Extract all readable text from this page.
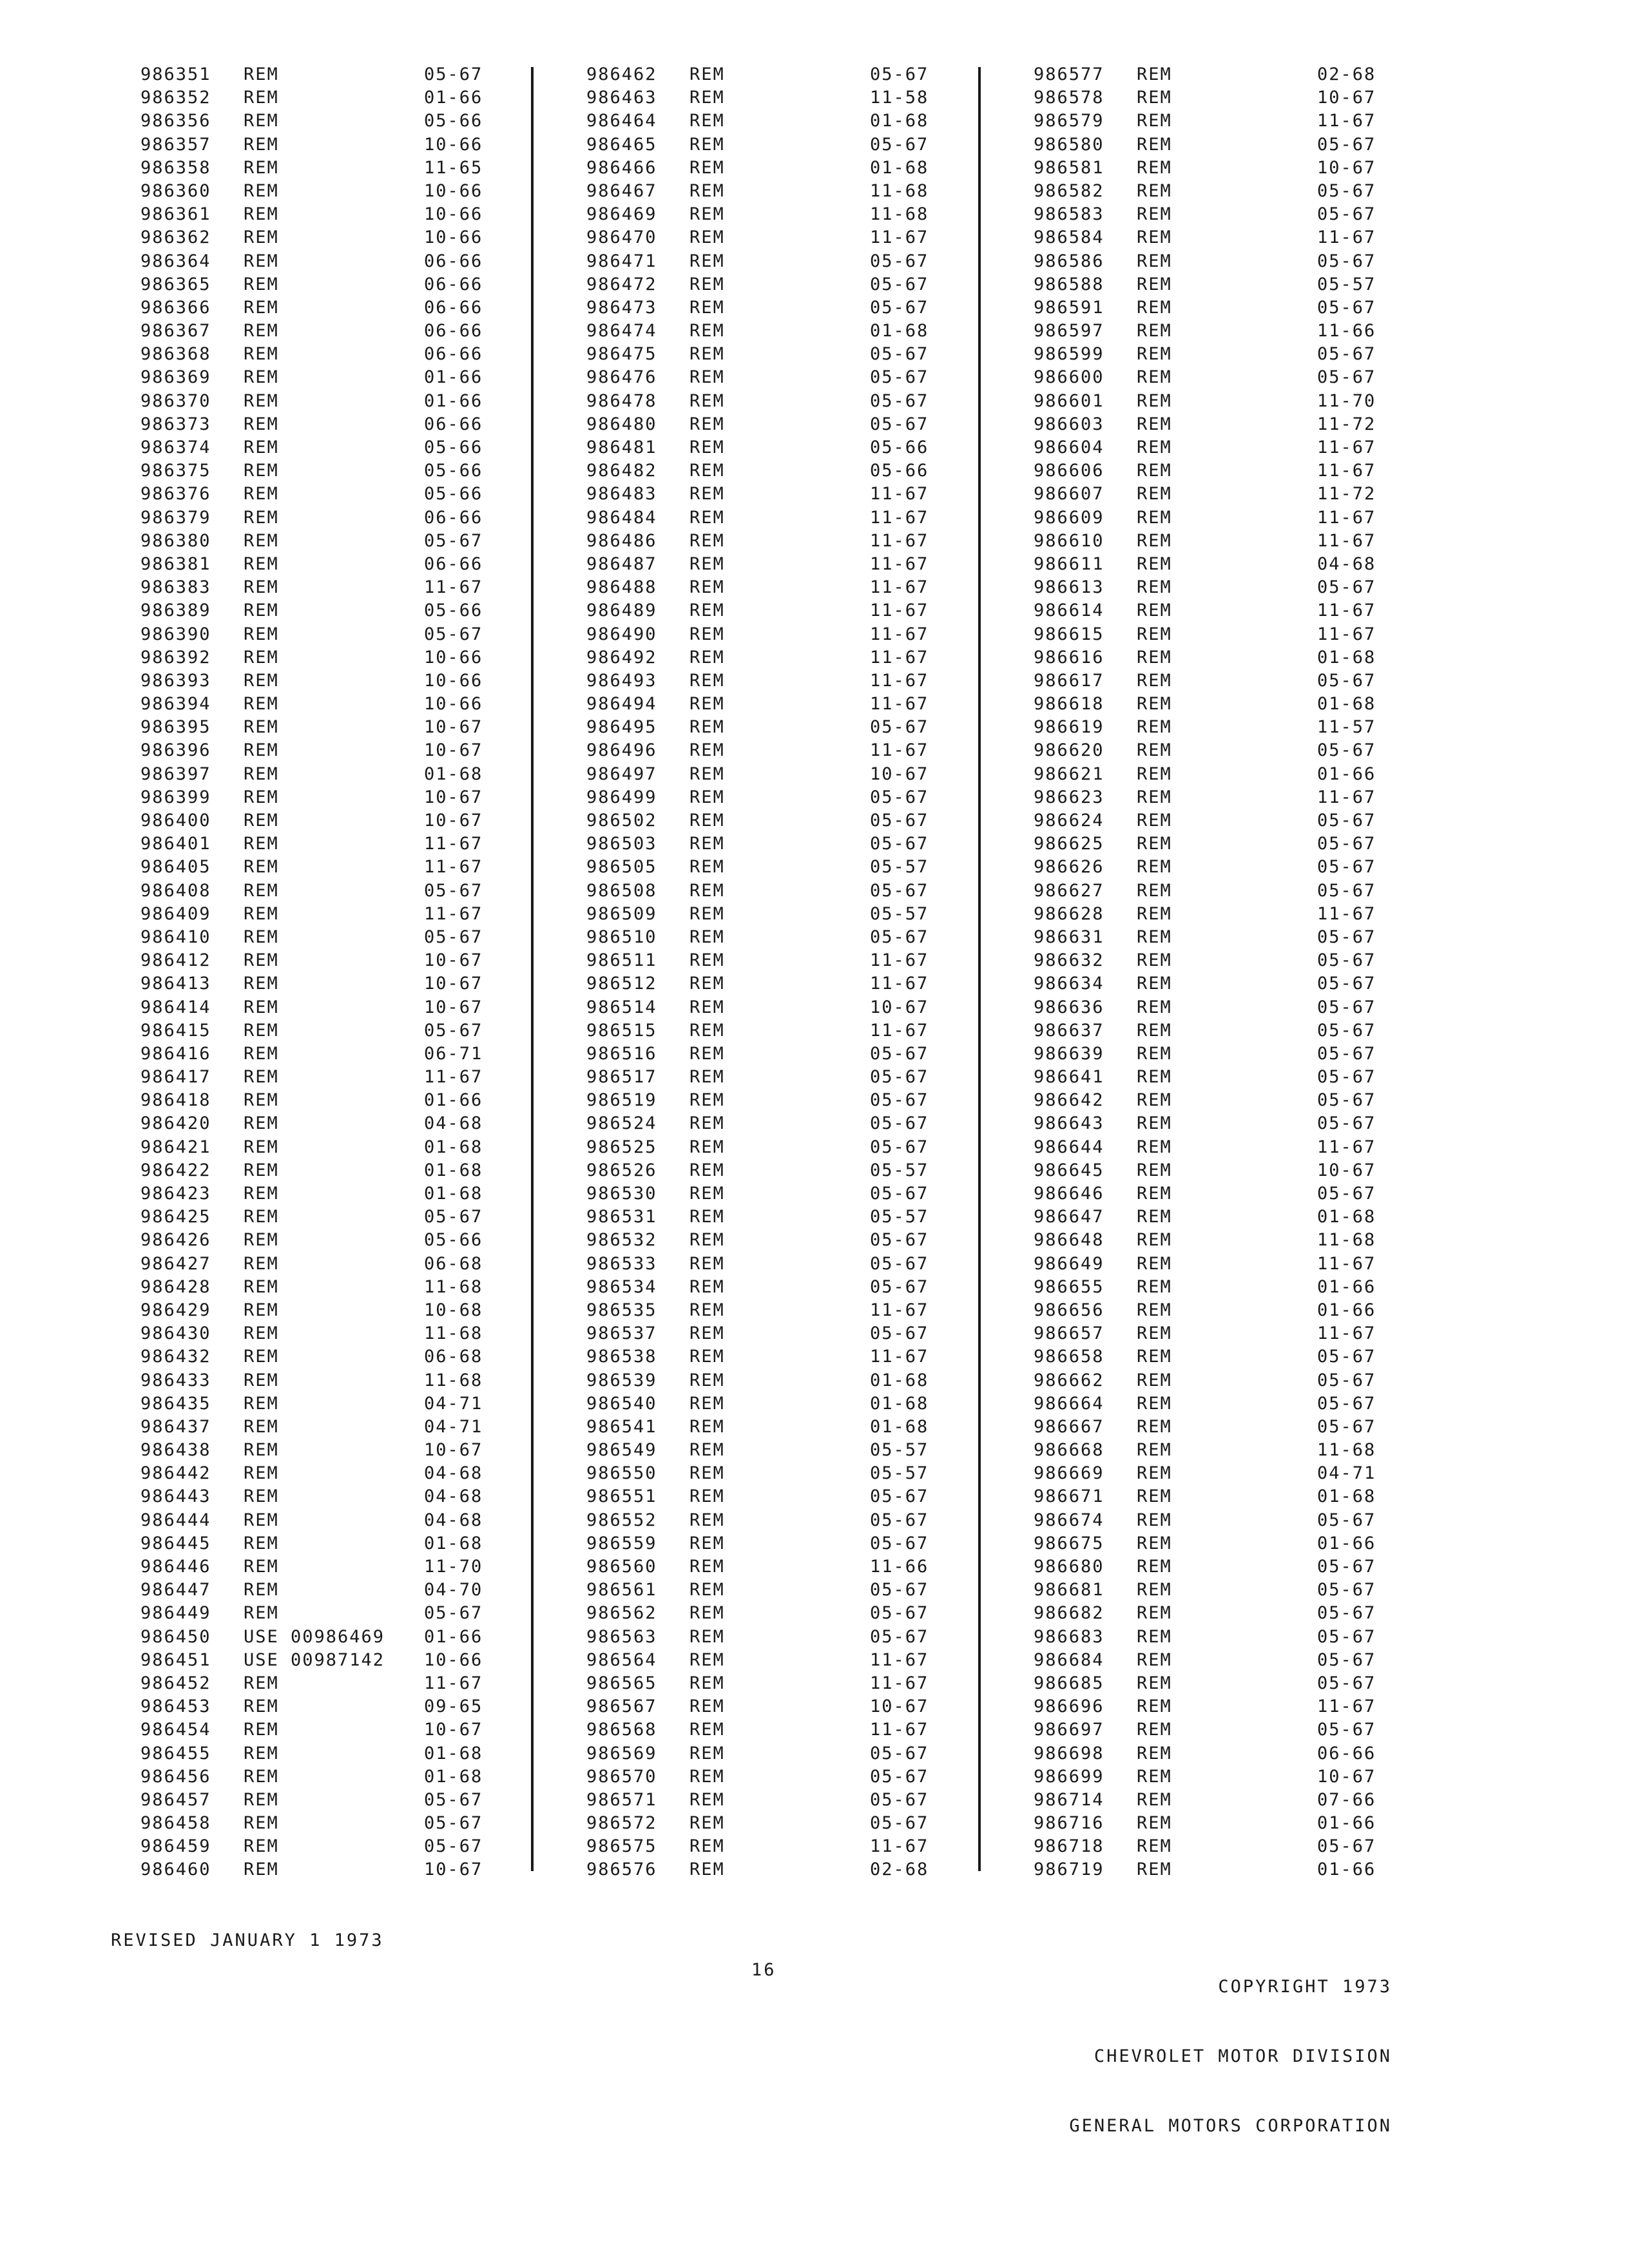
986351 REM	05-67
986352 REM	01-66
986356 REM	05-66
986357 REM	10-66
986358 REM	11-65
986360 REM	10-66
986361 REM	10-66
986362 REM	10-66
986364 REM	06-66
986365 REM	06-66
986366 REM	06-66
986367 REM	06-66
986368 REM	06-66
986369 REM	01-66
986370 REM	01-66
986373 REM	06-66
986374 REM	05-66
986375 REM	05-66
986376 REM	05-66
986379 REM	06-66
986380 REM	05-67
986381 REM	06-66
986383 REM	11-67
986389 REM	05-66
986390 REM	05-67
986392 REM	10-66
986393 REM	10-66
986394 REM	10-66
986395 REM	10-67
986396 REM	10-67
986397 REM	01-68
986399 REM	10-67
986400 REM	10-67
986401 REM	11-67
986405 REM	11-67
986408 REM	05-67
986409 REM	11-67
986410 REM	05-67
986412 REM	10-67
986413 REM	10-67
986414 REM	10-67
986415 REM	05-67
986416 REM	06-71
986417 REM	11-67
986418 REM	01-66
986420 REM	04-68
986421 REM	01-68
986422 REM	01-68
986423 REM	01-68
986425 REM	05-67
986426 REM	05-66
986427 REM	06-68
986428 REM	11-68
986429 REM	10-68
986430 REM	11-68
986432 REM	06-68
986433 REM	11-68
986435 REM	04-71
986437 REM	04-71
986438 REM	10-67
986442 REM	04-68
986443 REM	04-68
986444 REM	04-68
986445 REM	01-68
986446 REM	11-70
986447 REM	04-70
986449 REM	05-67
986450 USE 00986469 01-66
986451 USE 00987142 10-66
986452 REM	11-67
986453 REM	09-65
986454 REM	10-67
986455 REM	01-68
986456 REM	01-68
986457 REM	05-67
986458 REM	05-67
986459 REM	05-67
986460 REM	10-67
986462 REM	05-67
986463 REM	11-58
986464 REM	01-68
986465 REM	05-67
986466 REM	01-68
986467 REM	11-68
986469 REM	11-68
986470 REM	11-67
986471 REM	05-67
986472 REM	05-67
986473 REM	05-67
986474 REM	01-68
986475 REM	05-67
986476 REM	05-67
986478 REM	05-67
986480 REM	05-67
986481 REM	05-66
986482 REM	05-66
986483 REM	11-67
986484 REM	11-67
986486 REM	11-67
986487 REM	11-67
986488 REM	11-67
986489 REM	11-67
986490 REM	11-67
986492 REM	11-67
986493 REM	11-67
986494 REM	11-67
986495 REM	05-67
986496 REM	11-67
986497 REM	10-67
986499 REM	05-67
986502 REM	05-67
986503 REM	05-67
986505 REM	05-57
986508 REM	05-67
986509 REM	05-57
986510 REM	05-67
986511 REM	11-67
986512 REM	11-67
986514 REM	10-67
986515 REM	11-67
986516 REM	05-67
986517 REM	05-67
986519 REM	05-67
986524 REM	05-67
986525 REM	05-67
986526 REM	05-57
986530 REM	05-67
986531 REM	05-57
986532 REM	05-67
986533 REM	05-67
986534 REM	05-67
986535 REM	11-67
986537 REM	05-67
986538 REM	11-67
986539 REM	01-68
986540 REM	01-68
986541 REM	01-68
986549 REM	05-57
986550 REM	05-57
986551 REM	05-67
986552 REM	05-67
986559 REM	05-67
986560 REM	11-66
986561 REM	05-67
986562 REM	05-67
986563 REM	05-67
986564 REM	11-67
986565 REM	11-67
986567 REM	10-67
986568 REM	11-67
986569 REM	05-67
986570 REM	05-67
986571 REM	05-67
986572 REM	05-67
986575 REM	11-67
986576 REM	02-68
986577 REM	02-68
986578 REM	10-67
986579 REM	11-67
986580 REM	05-67
986581 REM	10-67
986582 REM	05-67
986583 REM	05-67
986584 REM	11-67
986586 REM	05-67
986588 REM	05-57
986591 REM	05-67
986597 REM	11-66
986599 REM	05-67
986600 REM	05-67
986601 REM	11-70
986603 REM	11-72
986604 REM	11-67
986606 REM	11-67
986607 REM	11-72
986609 REM	11-67
986610 REM	11-67
986611 REM	04-68
986613 REM	05-67
986614 REM	11-67
986615 REM	11-67
986616 REM	01-68
986617 REM	05-67
986618 REM	01-68
986619 REM	11-57
986620 REM	05-67
986621 REM	01-66
986623 REM	11-67
986624 REM	05-67
986625 REM	05-67
986626 REM	05-67
986627 REM	05-67
986628 REM	11-67
986631 REM	05-67
986632 REM	05-67
986634 REM	05-67
986636 REM	05-67
986637 REM	05-67
986639 REM	05-67
986641 REM	05-67
986642 REM	05-67
986643 REM	05-67
986644 REM	11-67
986645 REM	10-67
986646 REM	05-67
986647 REM	01-68
986648 REM	11-68
986649 REM	11-67
986655 REM	01-66
986656 REM	01-66
986657 REM	11-67
986658 REM	05-67
986662 REM	05-67
986664 REM	05-67
986667 REM	05-67
986668 REM	11-68
986669 REM	04-71
986671 REM	01-68
986674 REM	05-67
986675 REM	01-66
986680 REM	05-67
986681 REM	05-67
986682 REM	05-67
986683 REM	05-67
986684 REM	05-67
986685 REM	05-67
986696 REM	11-67
986697 REM	05-67
986698 REM	06-66
986699 REM	10-67
986714 REM	07-66
986716 REM	01-66
986718 REM	05-67
986719 REM	01-66
REVISED JANUARY 1 1973
16

COPYRIGHT 1973

CHEVROLET MOTOR DIVISION

GENERAL MOTORS CORPORATION
